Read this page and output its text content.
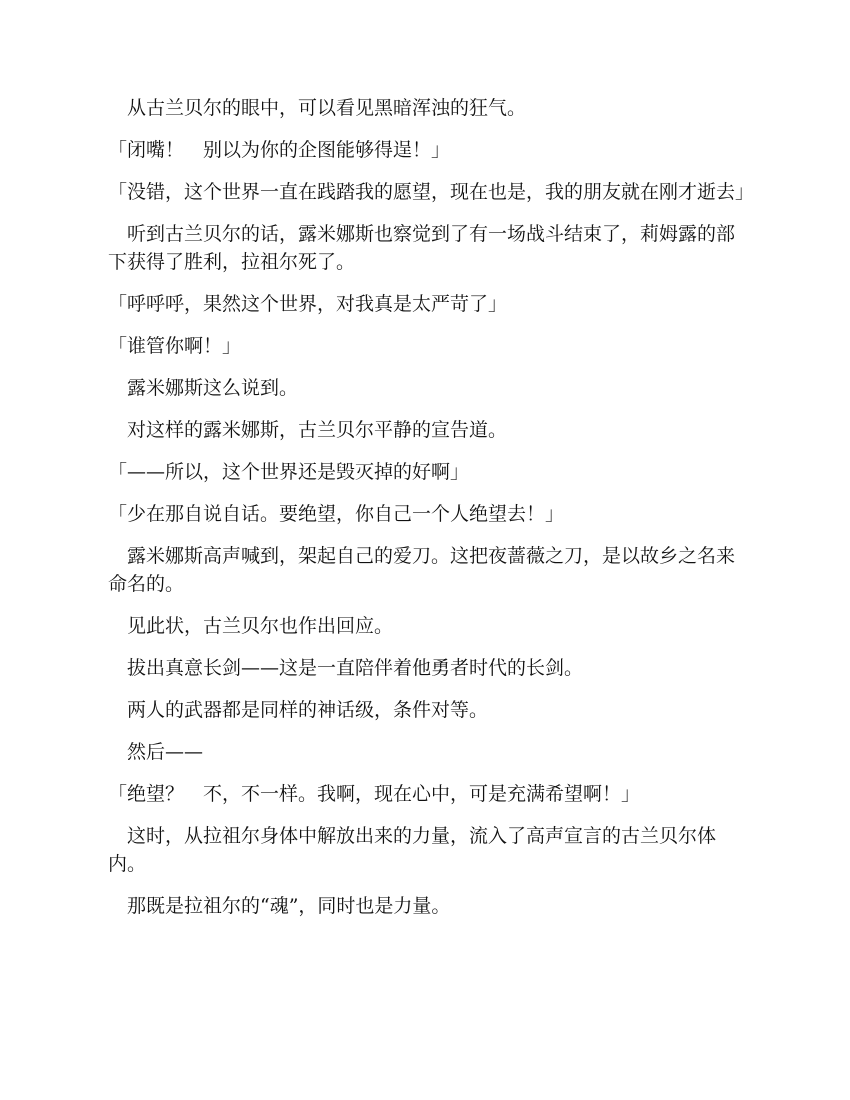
从古兰贝尔的眼中，可以看见黑暗浑浊的狂气。

「闭嘴！　别以为你的企图能够得逞！」

「没错，这个世界一直在践踏我的愿望，现在也是，我的朋友就在刚才逝去」

听到古兰贝尔的话，露米娜斯也察觉到了有一场战斗结束了，莉姆露的部下获得了胜利，拉祖尔死了。

「呼呼呼，果然这个世界，对我真是太严苛了」

「谁管你啊！」

露米娜斯这么说到。

对这样的露米娜斯，古兰贝尔平静的宣告道。

「——所以，这个世界还是毁灭掉的好啊」

「少在那自说自话。要绝望，你自己一个人绝望去！」

露米娜斯高声喊到，架起自己的爱刀。这把夜蔷薇之刀，是以故乡之名来命名的。

见此状，古兰贝尔也作出回应。

拔出真意长剑——这是一直陪伴着他勇者时代的长剑。

两人的武器都是同样的神话级，条件对等。

然后——

「绝望？　不，不一样。我啊，现在心中，可是充满希望啊！」

这时，从拉祖尔身体中解放出来的力量，流入了高声宣言的古兰贝尔体内。

那既是拉祖尔的“魂”，同时也是力量。
